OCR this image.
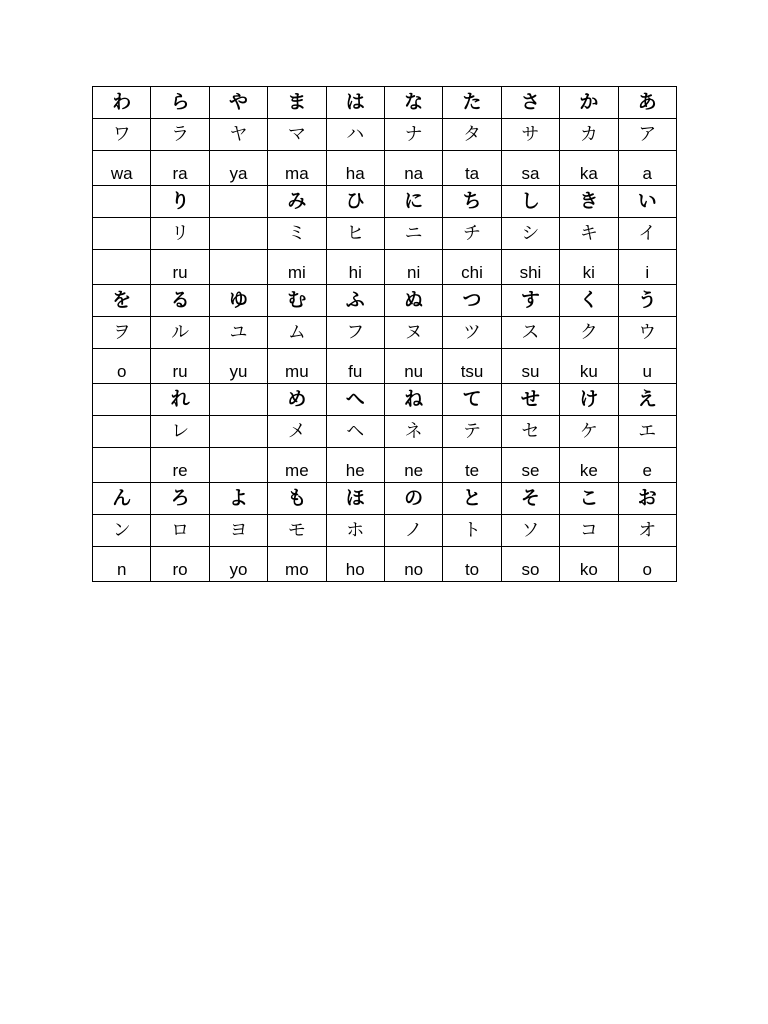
わ	ら	や	ま	は	な	た	さ	か	あ
ワ	ラ	ヤ	マ	ハ	ナ	タ	サ	カ	ア
wa	ra	ya	ma	ha	na	ta	sa	ka	a
	り		み	ひ	に	ち	し	き	い
	リ		ミ	ヒ	ニ	チ	シ	キ	イ
	ru		mi	hi	ni	chi	shi	ki	i
を	る	ゆ	む	ふ	ぬ	つ	す	く	う
ヲ	ル	ユ	ム	フ	ヌ	ツ	ス	ク	ウ
o	ru	yu	mu	fu	nu	tsu	su	ku	u
	れ		め	へ	ね	て	せ	け	え
	レ		メ	ヘ	ネ	テ	セ	ケ	エ
	re		me	he	ne	te	se	ke	e
ん	ろ	よ	も	ほ	の	と	そ	こ	お
ン	ロ	ヨ	モ	ホ	ノ	ト	ソ	コ	オ
n	ro	yo	mo	ho	no	to	so	ko	o
